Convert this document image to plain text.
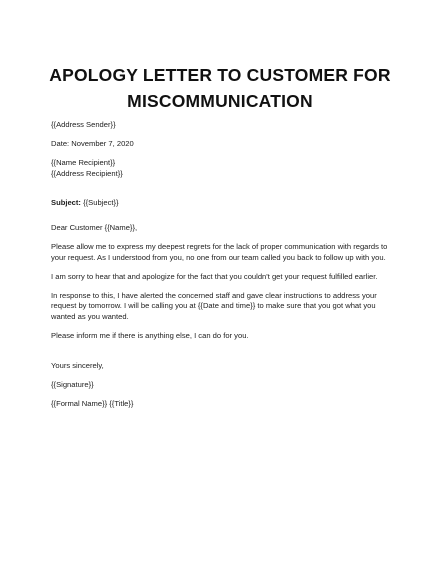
APOLOGY LETTER TO CUSTOMER FOR
MISCOMMUNICATION
{{Address Sender}}
Date: November 7, 2020
{{Name Recipient}}
{{Address Recipient}}
Subject: {{Subject}}
Dear Customer {{Name}},
Please allow me to express my deepest regrets for the lack of proper communication with regards to your request. As I understood from you, no one from our team called you back to follow up with you.
I am sorry to hear that and apologize for the fact that you couldn't get your request fulfilled earlier.
In response to this, I have alerted the concerned staff and gave clear instructions to address your request by tomorrow. I will be calling you at {{Date and time}} to make sure that you got what you wanted as you wanted.
Please inform me if there is anything else, I can do for you.
Yours sincerely,
{{Signature}}
{{Formal Name}} {{Title}}
